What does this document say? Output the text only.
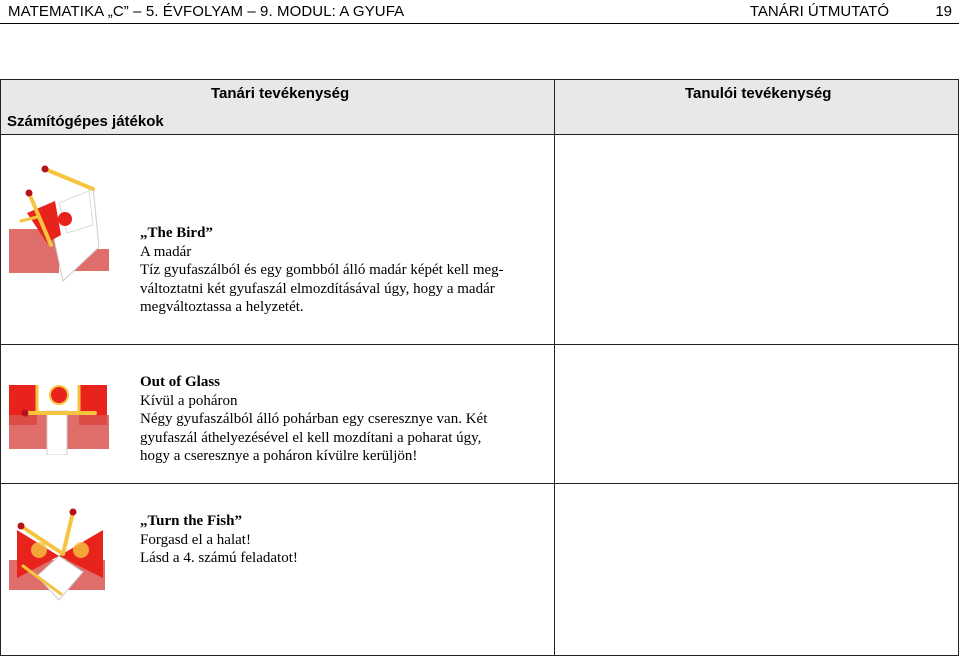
MATEMATIKA „C” – 5. ÉVFOLYAM – 9. MODUL: A GYUFA	TANÁRI ÚTMUTATÓ	19
Tanári tevékenység
Számítógépes játékok
Tanulói tevékenység
„The Bird”
A madár
Tíz gyufaszálból és egy gombból álló madár képét kell meg-
változtatni két gyufaszál elmozdításával úgy, hogy a madár
megváltoztassa a helyzetét.
Out of Glass
Kívül a poháron
Négy gyufaszálból álló pohárban egy cseresznye van. Két
gyufaszál áthelyezésével el kell mozdítani a poharat úgy,
hogy a cseresznye a poháron kívülre kerüljön!
„Turn the Fish”
Forgasd el a halat!
Lásd a 4. számú feladatot!
